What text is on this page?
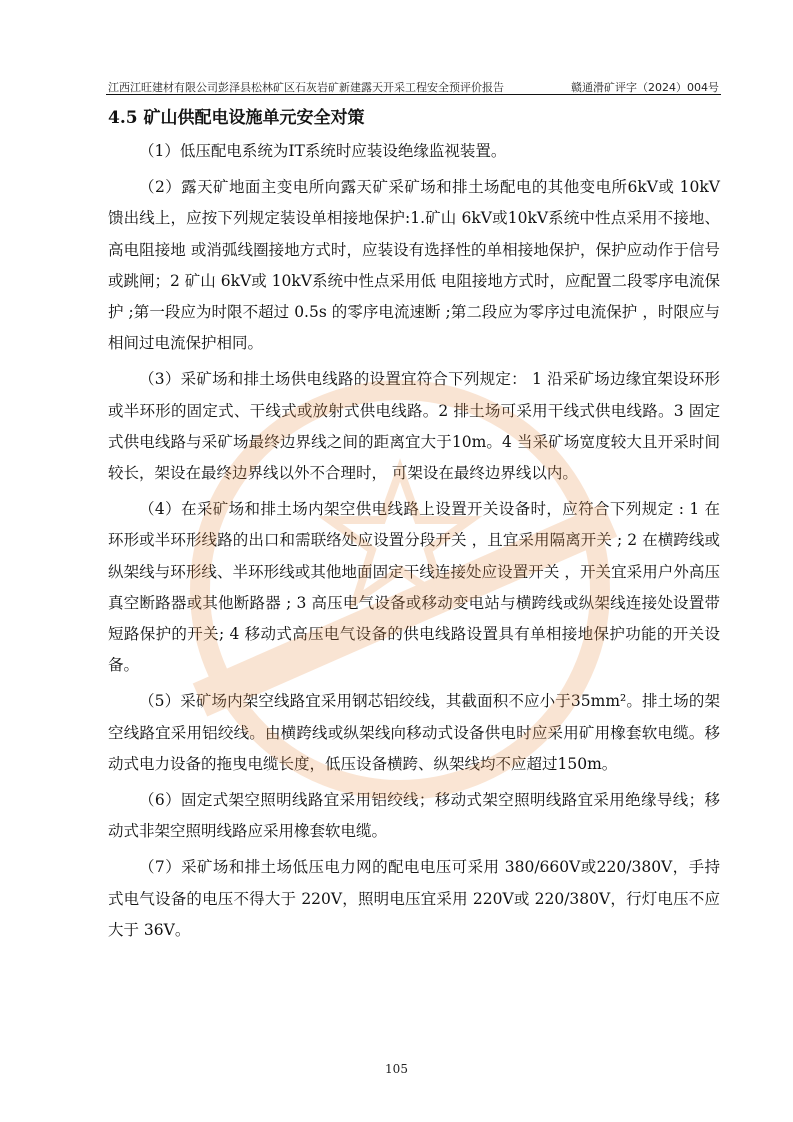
江西江旺建材有限公司彭泽县松林矿区石灰岩矿新建露天开采工程安全预评价报告	赣通滑矿评字（2024）004号
4.5 矿山供配电设施单元安全对策

（1）低压配电系统为IT系统时应装设绝缘监视装置。

（2）露天矿地面主变电所向露天矿采矿场和排土场配电的其他变电所6kV或 10kV馈出线上，应按下列规定装设单相接地保护:1.矿山 6kV或10kV系统中性点采用不接地、高电阻接地 或消弧线圈接地方式时，应装设有选择性的单相接地保护，保护应动作于信号或跳闸；2 矿山 6kV或 10kV系统中性点采用低 电阻接地方式时，应配置二段零序电流保护 ;第一段应为时限不超过 0.5s 的零序电流速断 ;第二段应为零序过电流保护 ，时限应与相间过电流保护相同。

（3）采矿场和排土场供电线路的设置宜符合下列规定： 1 沿采矿场边缘宜架设环形或半环形的固定式、干线式或放射式供电线路。2 排土场可采用干线式供电线路。3 固定式供电线路与采矿场最终边界线之间的距离宜大于10m。4 当采矿场宽度较大且开采时间较长，架设在最终边界线以外不合理时， 可架设在最终边界线以内。

（4）在采矿场和排土场内架空供电线路上设置开关设备时，应符合下列规定 : 1 在环形或半环形线路的出口和需联络处应设置分段开关 ，且宜采用隔离开关 ; 2 在横跨线或纵架线与环形线、半环形线或其他地面固定干线连接处应设置开关 ，开关宜采用户外高压真空断路器或其他断路器 ; 3 高压电气设备或移动变电站与横跨线或纵架线连接处设置带短路保护的开关; 4 移动式高压电气设备的供电线路设置具有单相接地保护功能的开关设备。

（5）采矿场内架空线路宜采用钢芯铝绞线，其截面积不应小于35mm²。排土场的架空线路宜采用铝绞线。由横跨线或纵架线向移动式设备供电时应采用矿用橡套软电缆。移动式电力设备的拖曳电缆长度，低压设备横跨、纵架线均不应超过150m。

（6）固定式架空照明线路宜采用铝绞线；移动式架空照明线路宜采用绝缘导线；移动式非架空照明线路应采用橡套软电缆。

（7）采矿场和排土场低压电力网的配电电压可采用 380/660V或220/380V，手持式电气设备的电压不得大于 220V，照明电压宜采用 220V或 220/380V，行灯电压不应大于 36V。

105
